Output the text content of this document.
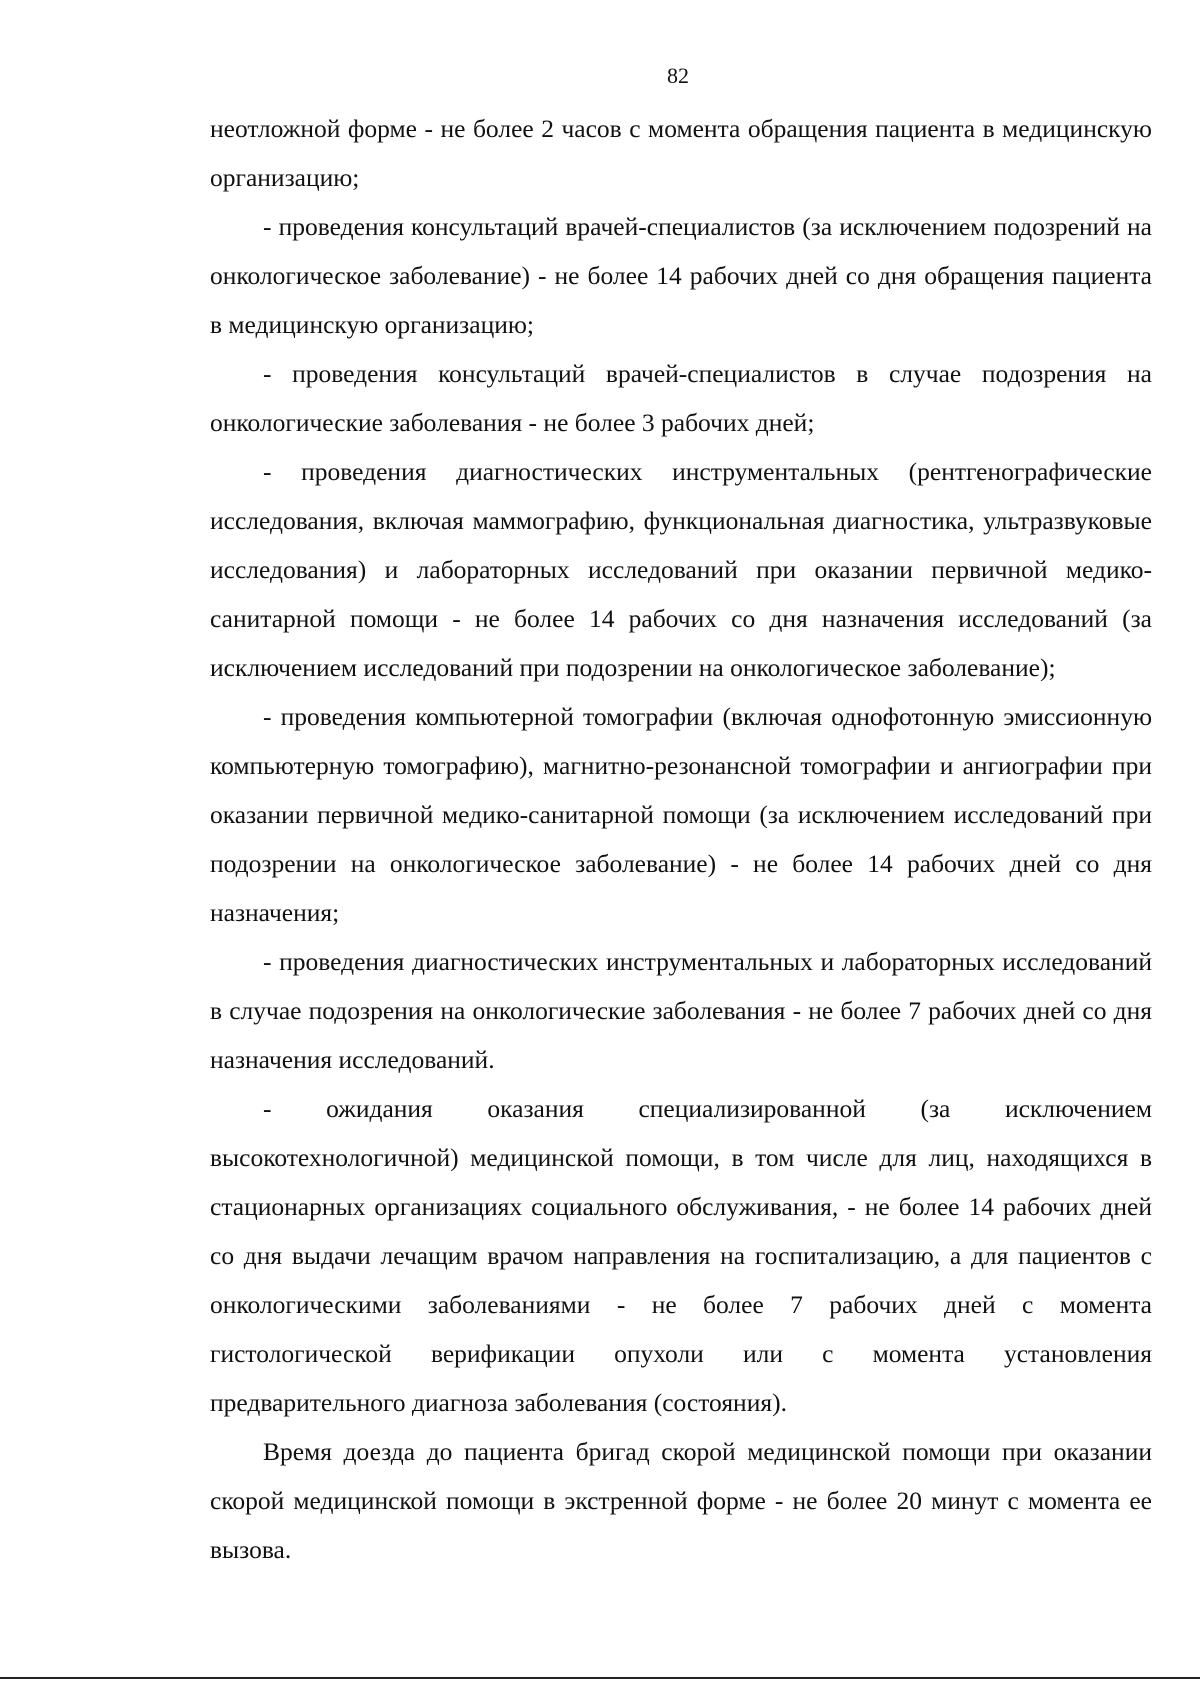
82

неотложной форме - не более 2 часов с момента обращения пациента в медицинскую организацию;

- проведения консультаций врачей-специалистов (за исключением подозрений на онкологическое заболевание) - не более 14 рабочих дней со дня обращения пациента в медицинскую организацию;

- проведения консультаций врачей-специалистов в случае подозрения на онкологические заболевания - не более 3 рабочих дней;

- проведения диагностических инструментальных (рентгенографические исследования, включая маммографию, функциональная диагностика, ультразвуковые исследования) и лабораторных исследований при оказании первичной медико-санитарной помощи - не более 14 рабочих со дня назначения исследований (за исключением исследований при подозрении на онкологическое заболевание);

- проведения компьютерной томографии (включая однофотонную эмиссионную компьютерную томографию), магнитно-резонансной томографии и ангиографии при оказании первичной медико-санитарной помощи (за исключением исследований при подозрении на онкологическое заболевание) - не более 14 рабочих дней со дня назначения;

- проведения диагностических инструментальных и лабораторных исследований в случае подозрения на онкологические заболевания - не более 7 рабочих дней со дня назначения исследований.

- ожидания оказания специализированной (за исключением высокотехнологичной) медицинской помощи, в том числе для лиц, находящихся в стационарных организациях социального обслуживания, - не более 14 рабочих дней со дня выдачи лечащим врачом направления на госпитализацию, а для пациентов с онкологическими заболеваниями - не более 7 рабочих дней с момента гистологической верификации опухоли или с момента установления предварительного диагноза заболевания (состояния).

Время доезда до пациента бригад скорой медицинской помощи при оказании скорой медицинской помощи в экстренной форме - не более 20 минут с момента ее вызова.
